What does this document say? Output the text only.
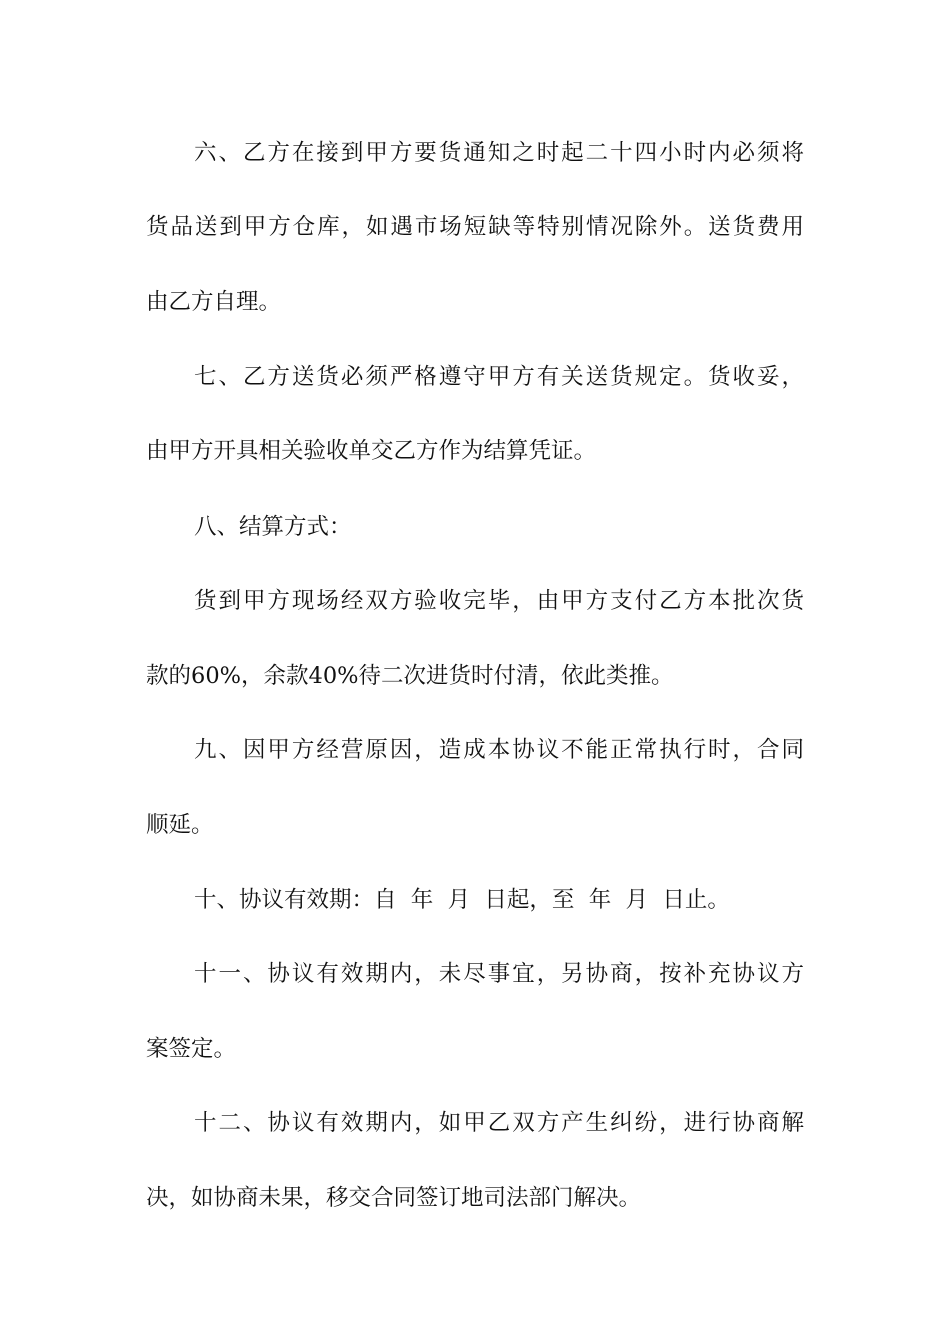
六、乙方在接到甲方要货通知之时起二十四小时内必须将
货品送到甲方仓库，如遇市场短缺等特别情况除外。送货费用
由乙方自理。
七、乙方送货必须严格遵守甲方有关送货规定。货收妥，
由甲方开具相关验收单交乙方作为结算凭证。
八、结算方式：
货到甲方现场经双方验收完毕，由甲方支付乙方本批次货
款的60%，余款40%待二次进货时付清，依此类推。
九、因甲方经营原因，造成本协议不能正常执行时，合同
顺延。
十、协议有效期：自  年  月  日起，至  年  月  日止。
十一、协议有效期内，未尽事宜，另协商，按补充协议方
案签定。
十二、协议有效期内，如甲乙双方产生纠纷，进行协商解
决，如协商未果，移交合同签订地司法部门解决。
